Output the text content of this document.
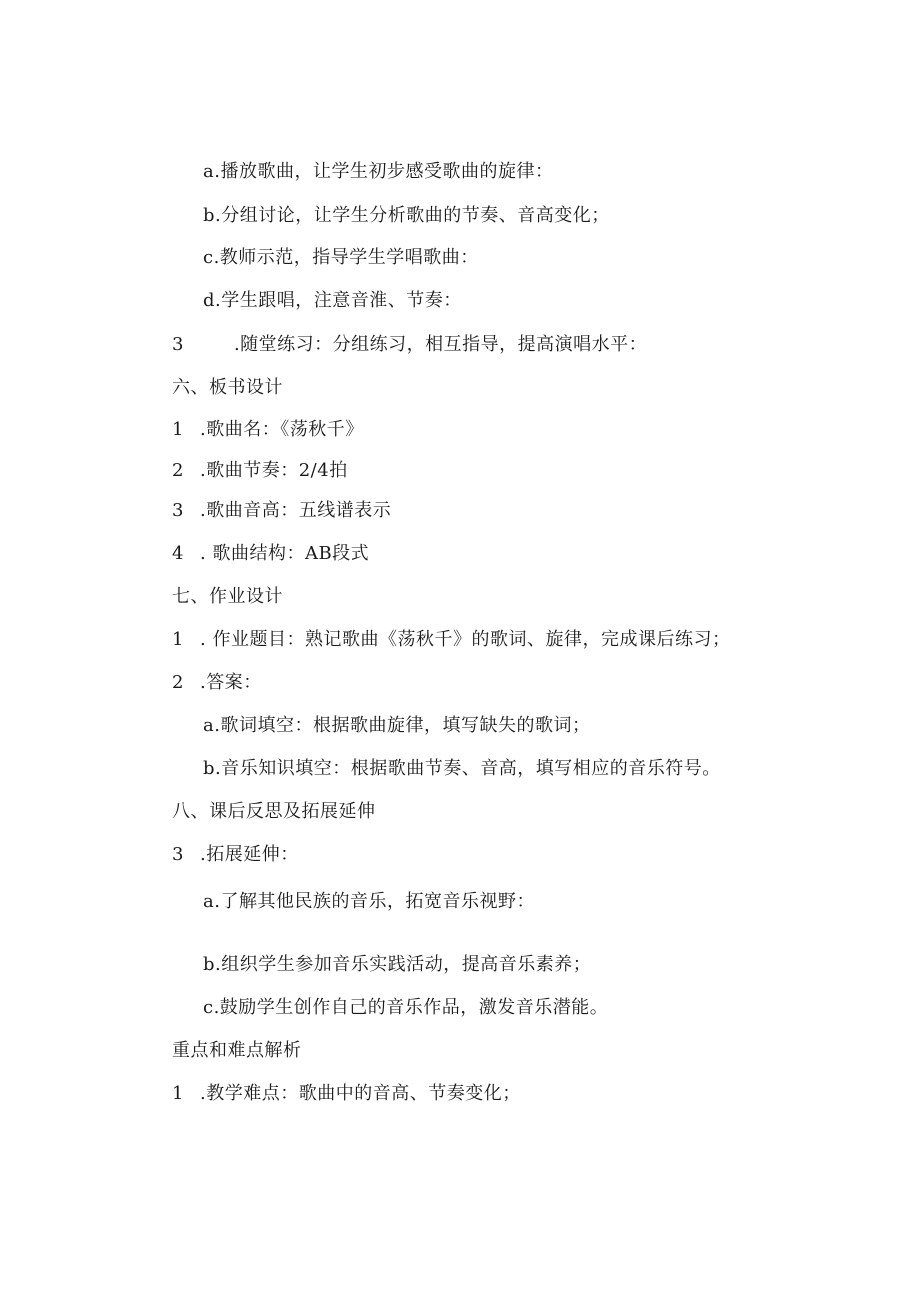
a.播放歌曲，让学生初步感受歌曲的旋律：
b.分组讨论，让学生分析歌曲的节奏、音高变化；
c.教师示范，指导学生学唱歌曲：
d.学生跟唱，注意音淮、节奏：
3	.随堂练习：分组练习，相互指导，提高演唱水平：
六、板书设计
1 .歌曲名：《荡秋千》
2 .歌曲节奏：2/4拍
3 .歌曲音高：五线谱表示
4 . 歌曲结构：AB段式
七、作业设计
1 . 作业题目：熟记歌曲《荡秋千》的歌词、旋律，完成课后练习；
2 .答案：
a.歌词填空：根据歌曲旋律，填写缺失的歌词；
b.音乐知识填空：根据歌曲节奏、音高，填写相应的音乐符号。
八、课后反思及拓展延伸
3 .拓展延伸：
a.了解其他民族的音乐，拓宽音乐视野：
b.组织学生参加音乐实践活动，提高音乐素养；
c.鼓励学生创作自己的音乐作品，激发音乐潜能。
重点和难点解析
1 .教学难点：歌曲中的音高、节奏变化；
